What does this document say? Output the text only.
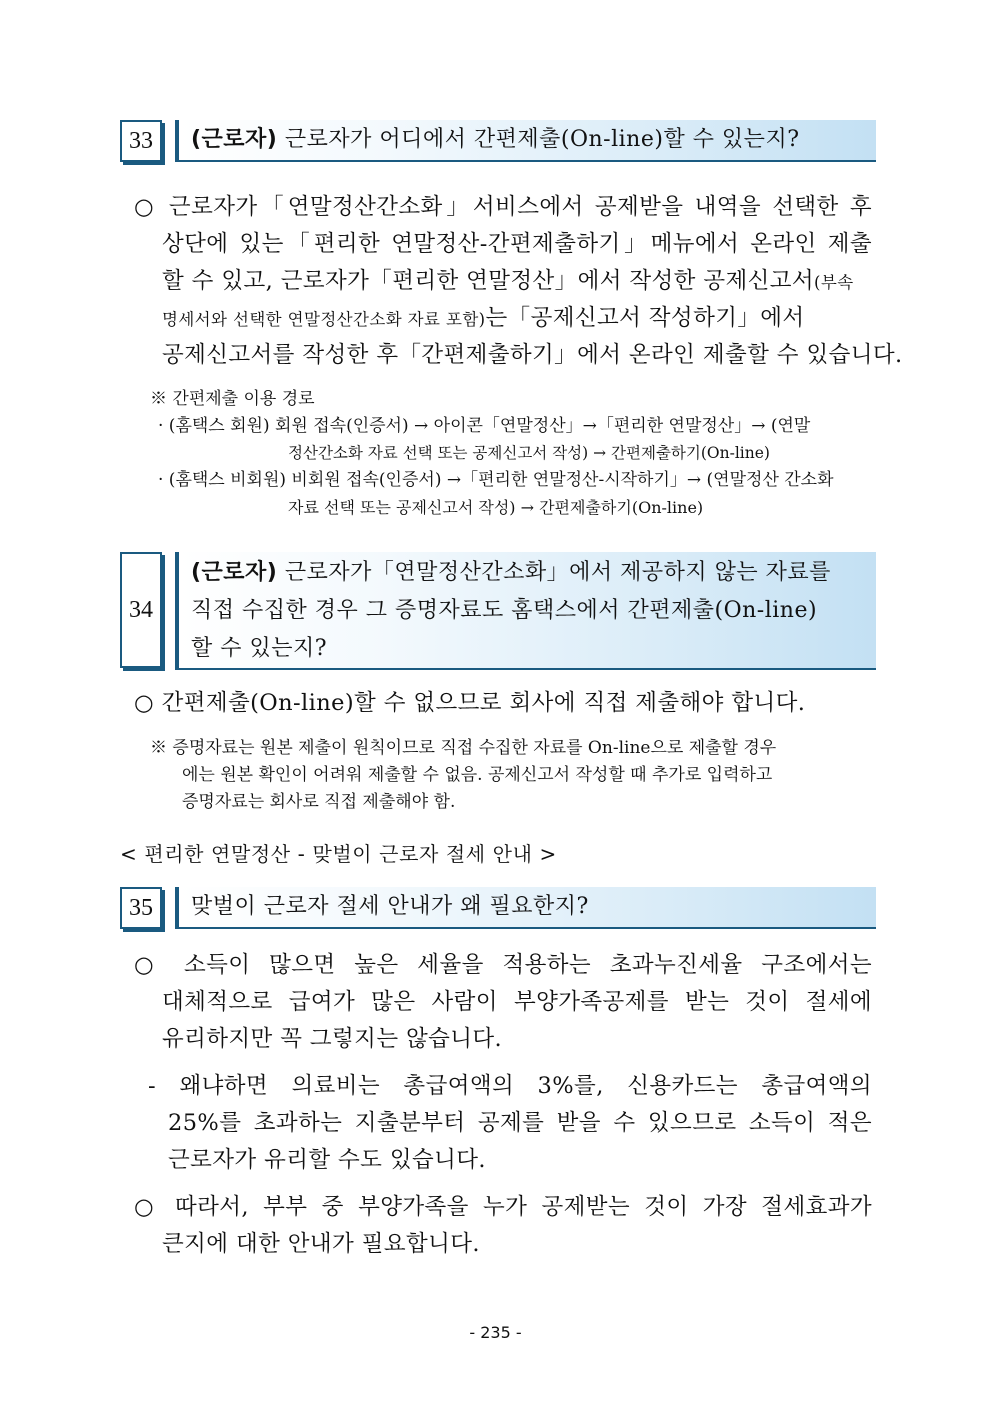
33	(근로자) 근로자가 어디에서 간편제출(On-line)할 수 있는지?
○ 근로자가「연말정산간소화」서비스에서 공제받을 내역을 선택한 후
상단에 있는「편리한 연말정산-간편제출하기」메뉴에서 온라인 제출
할 수 있고, 근로자가「편리한 연말정산」에서 작성한 공제신고서(부속
명세서와 선택한 연말정산간소화 자료 포함)는「공제신고서 작성하기」에서
공제신고서를 작성한 후「간편제출하기」에서 온라인 제출할 수 있습니다.
※ 간편제출 이용 경로
· (홈택스 회원) 회원 접속(인증서) → 아이콘「연말정산」→「편리한 연말정산」→ (연말
정산간소화 자료 선택 또는 공제신고서 작성) → 간편제출하기(On-line)
· (홈택스 비회원) 비회원 접속(인증서) →「편리한 연말정산-시작하기」→ (연말정산 간소화
자료 선택 또는 공제신고서 작성) → 간편제출하기(On-line)
34
(근로자) 근로자가「연말정산간소화」에서 제공하지 않는 자료를
직접 수집한 경우 그 증명자료도 홈택스에서 간편제출(On-line)
할 수 있는지?
○ 간편제출(On-line)할 수 없으므로 회사에 직접 제출해야 합니다.
※ 증명자료는 원본 제출이 원칙이므로 직접 수집한 자료를 On-line으로 제출할 경우
에는 원본 확인이 어려워 제출할 수 없음. 공제신고서 작성할 때 추가로 입력하고
증명자료는 회사로 직접 제출해야 함.
< 편리한 연말정산 - 맞벌이 근로자 절세 안내 >
35	맞벌이 근로자 절세 안내가 왜 필요한지?
○ 소득이 많으면 높은 세율을 적용하는 초과누진세율 구조에서는
대체적으로 급여가 많은 사람이 부양가족공제를 받는 것이 절세에
유리하지만 꼭 그렇지는 않습니다.
- 왜냐하면 의료비는 총급여액의 3%를, 신용카드는 총급여액의
25%를 초과하는 지출분부터 공제를 받을 수 있으므로 소득이 적은
근로자가 유리할 수도 있습니다.
○ 따라서, 부부 중 부양가족을 누가 공제받는 것이 가장 절세효과가
큰지에 대한 안내가 필요합니다.
- 235 -
